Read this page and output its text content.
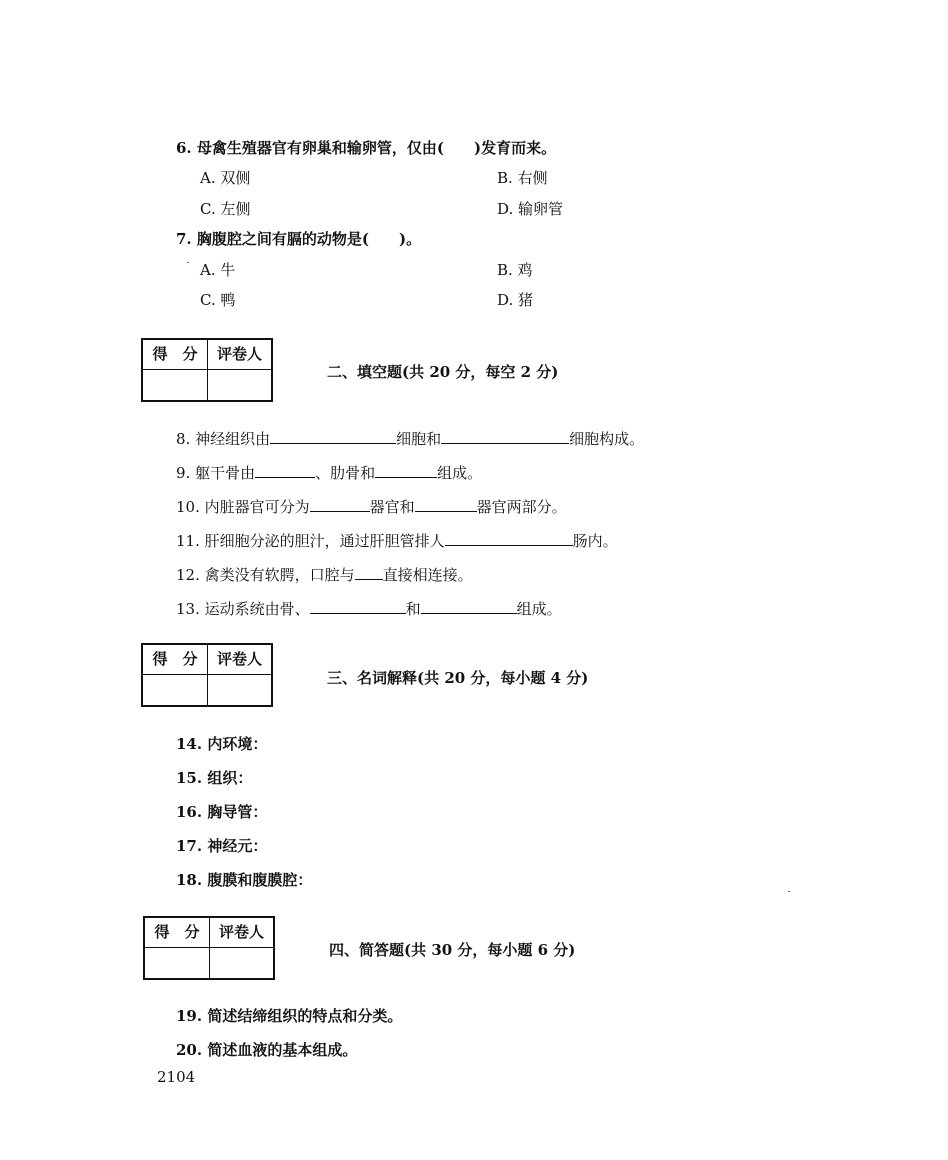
6. 母禽生殖器官有卵巢和输卵管，仅由(　　)发育而来。
A. 双侧	B. 右侧
C. 左侧	D. 输卵管
7. 胸腹腔之间有膈的动物是(　　)。
A. 牛	B. 鸡
C. 鸭	D. 猪
得　分	评卷人
二、填空题(共 20 分，每空 2 分)
8. 神经组织由	细胞和	细胞构成。
9. 躯干骨由	、肋骨和	组成。
10. 内脏器官可分为	器官和	器官两部分。
11. 肝细胞分泌的胆汁，通过肝胆管排人	肠内。
12. 禽类没有软腭，口腔与 直接相连接。
13. 运动系统由骨、	和	组成。
得　分	评卷人
三、名词解释(共 20 分，每小题 4 分)
14. 内环境：
15. 组织：
16. 胸导管：
17. 神经元：
18. 腹膜和腹膜腔：
得　分	评卷人
四、简答题(共 30 分，每小题 6 分)
19. 简述结缔组织的特点和分类。
20. 简述血液的基本组成。
2104
